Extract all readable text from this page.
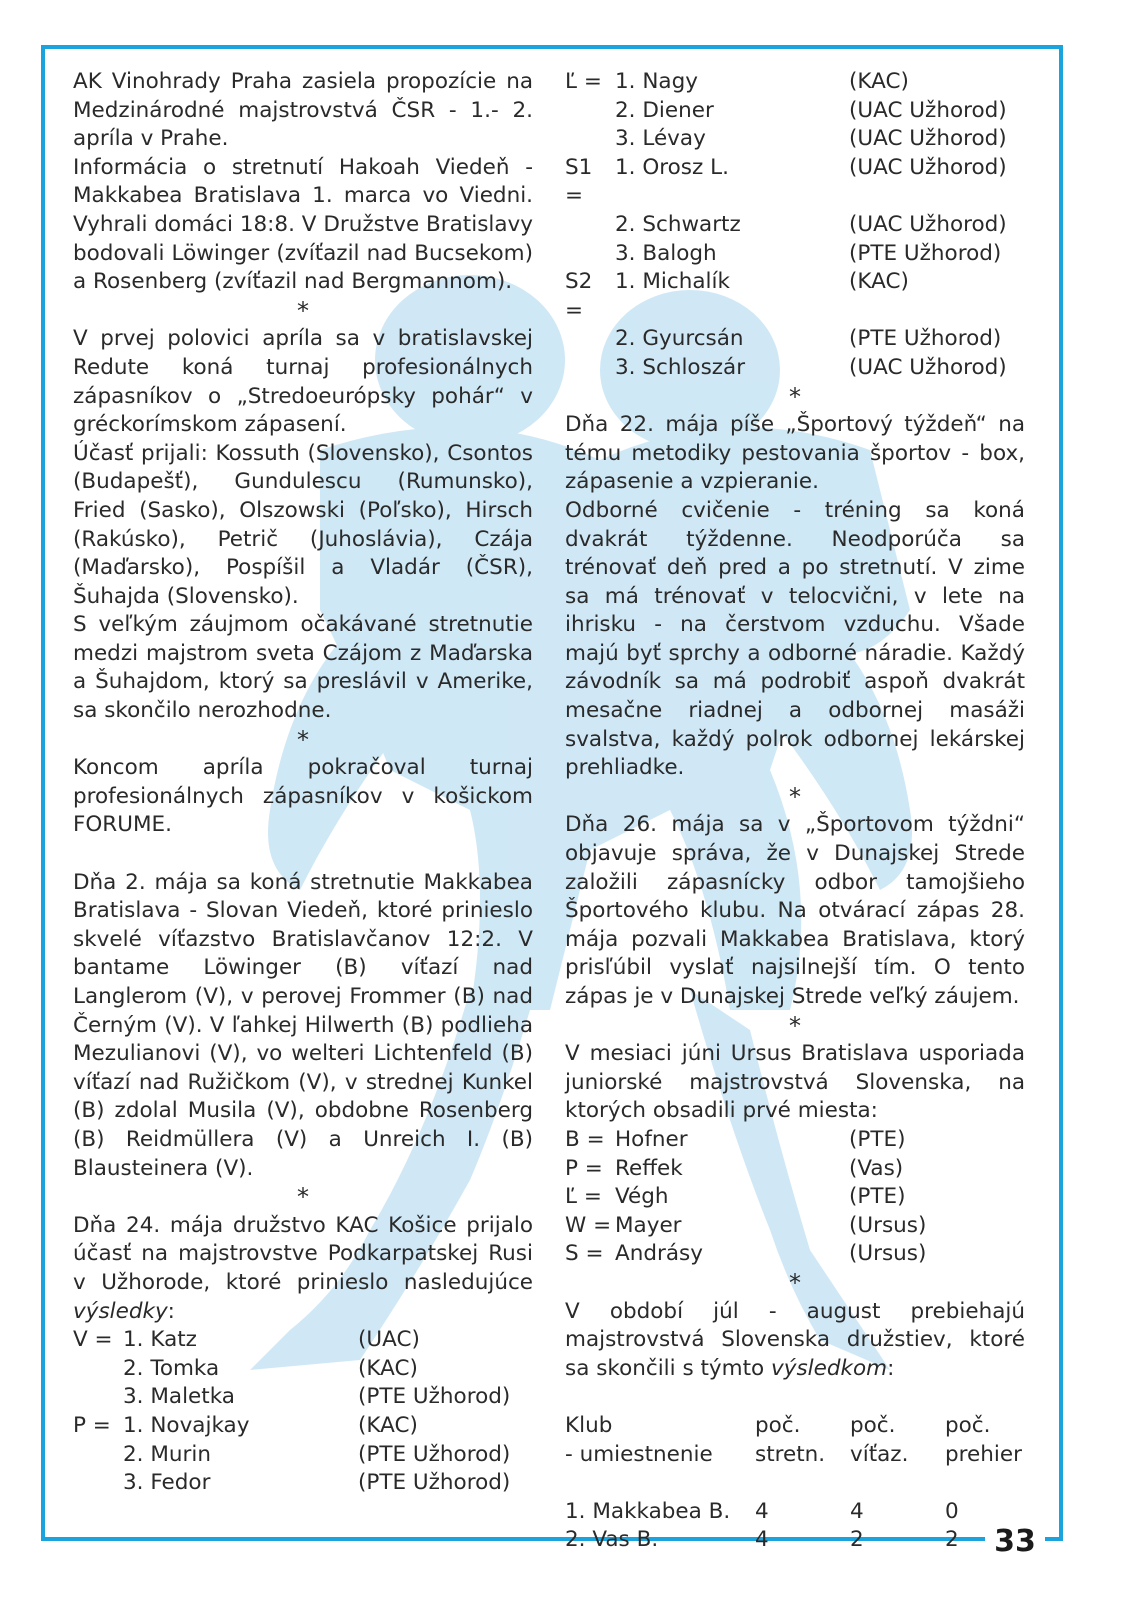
33

AK Vinohrady Praha zasiela propozície na Medzinárodné majstrovstvá ČSR - 1.- 2. apríla v Prahe.

Informácia o stretnutí Hakoah Viedeň - Makkabea Bratislava 1. marca vo Viedni. Vyhrali domáci 18:8. V Družstve Bratislavy bodovali Löwinger (zvíťazil nad Bucsekom) a Rosenberg (zvíťazil nad Bergmannom).

*

V prvej polovici apríla sa v bratislavskej Redute koná turnaj profesionálnych zápasníkov o „Stredoeurópsky pohár“ v gréckorímskom zápasení.

Účasť prijali: Kossuth (Slovensko), Csontos (Budapešť), Gundulescu (Rumunsko), Fried (Sasko), Olszowski (Poľsko), Hirsch (Rakúsko), Petrič (Juhoslávia), Czája (Maďarsko), Pospíšil a Vladár (ČSR), Šuhajda (Slovensko).

S veľkým záujmom očakávané stretnutie medzi majstrom sveta Czájom z Maďarska a Šuhajdom, ktorý sa preslávil v Amerike, sa skončilo nerozhodne.

*

Koncom apríla pokračoval turnaj profesionálnych zápasníkov v košickom FORUME.

Dňa 2. mája sa koná stretnutie Makkabea Bratislava - Slovan Viedeň, ktoré prinieslo skvelé víťazstvo Bratislavčanov 12:2. V bantame Löwinger (B) víťazí nad Langlerom (V), v perovej Frommer (B) nad Černým (V). V ľahkej Hilwerth (B) podlieha Mezulianovi (V), vo welteri Lichtenfeld (B) víťazí nad Ružičkom (V), v strednej Kunkel (B) zdolal Musila (V), obdobne Rosenberg (B) Reidmüllera (V) a Unreich I. (B) Blausteinera (V).

*

Dňa 24. mája družstvo KAC Košice prijalo účasť na majstrovstve Podkarpatskej Rusi v Užhorode, ktoré prinieslo nasledujúce výsledky:

V = 1. Katz	(UAC)
2. Tomka	(KAC)
3. Maletka	(PTE Užhorod)
P = 1. Novajkay	(KAC)
2. Murin	(PTE Užhorod)
3. Fedor	(PTE Užhorod)
Ľ = 1. Nagy	(KAC)
2. Diener	(UAC Užhorod)
3. Lévay	(UAC Užhorod)
S1 =
1. Orosz L.	(UAC Užhorod)
2. Schwartz	(UAC Užhorod)
3. Balogh	(PTE Užhorod)
S2 =
1. Michalík	(KAC)
2. Gyurcsán	(PTE Užhorod)
3. Schloszár	(UAC Užhorod)

*

Dňa 22. mája píše „Športový týždeň“ na tému metodiky pestovania športov - box, zápasenie a vzpieranie.

Odborné cvičenie - tréning sa koná dvakrát týždenne. Neodporúča sa trénovať deň pred a po stretnutí. V zime sa má trénovať v telocvični, v lete na ihrisku - na čerstvom vzduchu. Všade majú byť sprchy a odborné náradie. Každý závodník sa má podrobiť aspoň dvakrát mesačne riadnej a odbornej masáži svalstva, každý polrok odbornej lekárskej prehliadke.

*

Dňa 26. mája sa v „Športovom týždni“ objavuje správa, že v Dunajskej Strede založili zápasnícky odbor tamojšieho Športového klubu. Na otvárací zápas 28. mája pozvali Makkabea Bratislava, ktorý prisľúbil vyslať najsilnejší tím. O tento zápas je v Dunajskej Strede veľký záujem.

*

V mesiaci júni Ursus Bratislava usporiada juniorské majstrovstvá Slovenska, na ktorých obsadili prvé miesta:

B = Hofner	(PTE)
P = Reffek	(Vas)
Ľ = Végh	(PTE)
W = Mayer	(Ursus)
S = Andrásy	(Ursus)

*

V období júl - august prebiehajú majstrovstvá Slovenska družstiev, ktoré sa skončili s týmto výsledkom:

Klub	poč.	poč.	poč.
- umiestnenie	stretn.	víťaz.	prehier
1. Makkabea B.	4	4	0
2. Vas B.	4	2	2
